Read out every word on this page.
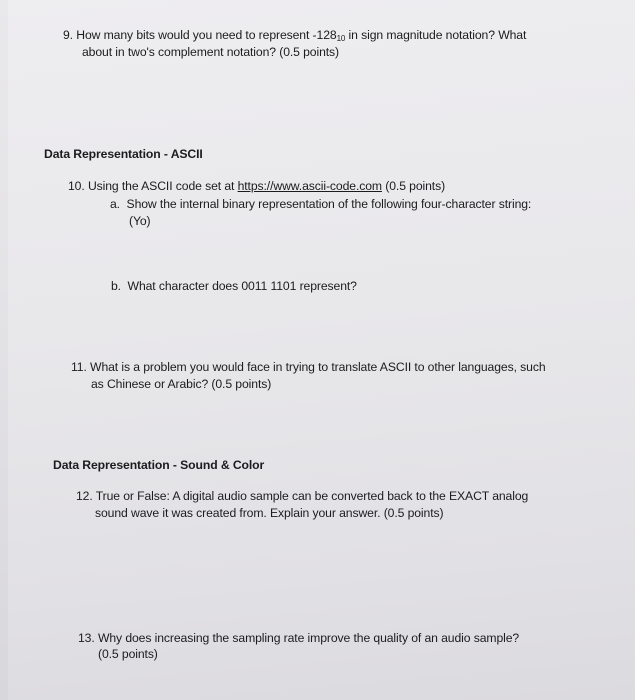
9. How many bits would you need to represent $-128_{10}$ in sign magnitude notation? What
about in two's complement notation? (0.5 points)
Data Representation - ASCII
10. Using the ASCII code set at https://www.ascii-code.com (0.5 points)
a. Show the internal binary representation of the following four-character string:
(Yo)
b. What character does 0011 1101 represent?
11. What is a problem you would face in trying to translate ASCII to other languages, such
as Chinese or Arabic? (0.5 points)
Data Representation - Sound & Color
12. True or False: A digital audio sample can be converted back to the EXACT analog
sound wave it was created from. Explain your answer. (0.5 points)
13. Why does increasing the sampling rate improve the quality of an audio sample?
(0.5 points)
